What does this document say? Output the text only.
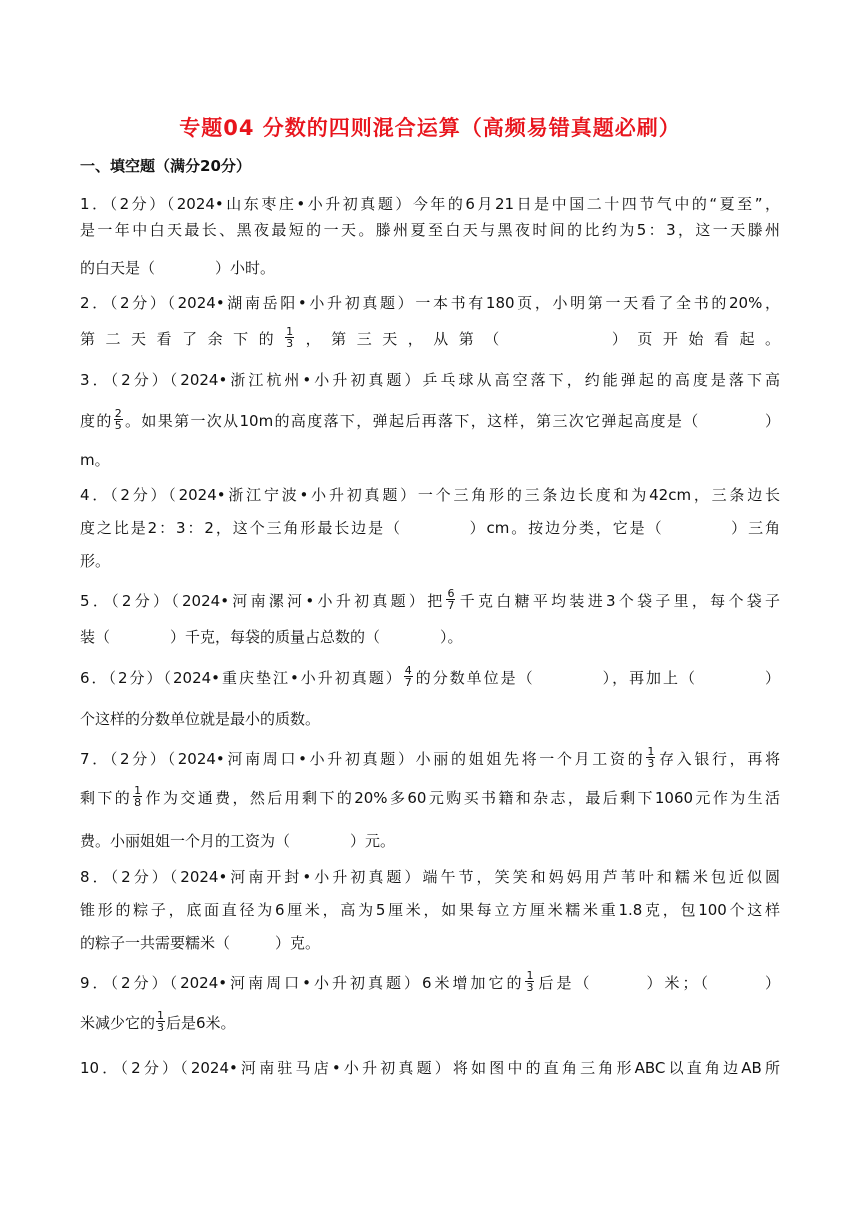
专题04 分数的四则混合运算（高频易错真题必刷）
一、填空题（满分20分）
1．（2分）（2024•山东枣庄•小升初真题）今年的6月21日是中国二十四节气中的“夏至”，
是一年中白天最长、黑夜最短的一天。滕州夏至白天与黑夜时间的比约为5：3，这一天滕州
的白天是（　　　　）小时。
2．（2分）（2024•湖南岳阳•小升初真题）一本书有180页，小明第一天看了全书的20%，
第二天看了余下的 $\frac{1}{3}$ ，第三天，从第（　　　　）页开始看起。
3．（2分）（2024•浙江杭州•小升初真题）乒乓球从高空落下，约能弹起的高度是落下高
度的 $\frac{2}{5}$ 。如果第一次从10m的高度落下，弹起后再落下，这样，第三次它弹起高度是（　　　　）
m。
4．（2分）（2024•浙江宁波•小升初真题）一个三角形的三条边长度和为42cm，三条边长
度之比是2：3：2，这个三角形最长边是（　　　　）cm。按边分类，它是（　　　　）三角
形。
5．（2分）（2024•河南漯河•小升初真题）把 $\frac{6}{7}$ 千克白糖平均装进3个袋子里，每个袋子
装（　　　　）千克，每袋的质量占总数的（　　　　）。
6．（2分）（2024•重庆垫江•小升初真题） $\frac{4}{7}$ 的分数单位是（　　　　），再加上（　　　　）
个这样的分数单位就是最小的质数。
7．（2分）（2024•河南周口•小升初真题）小丽的姐姐先将一个月工资的 $\frac{1}{3}$ 存入银行，再将
剩下的 $\frac{1}{8}$ 作为交通费，然后用剩下的20%多60元购买书籍和杂志，最后剩下1060元作为生活
费。小丽姐姐一个月的工资为（　　　　）元。
8．（2分）（2024•河南开封•小升初真题）端午节，笑笑和妈妈用芦苇叶和糯米包近似圆
锥形的粽子，底面直径为6厘米，高为5厘米，如果每立方厘米糯米重1.8克，包100个这样
的粽子一共需要糯米（　　　）克。
9．（2分）（2024•河南周口•小升初真题）6米增加它的 $\frac{1}{3}$ 后是（　　　）米；（　　　）
米减少它的 $\frac{1}{3}$ 后是6米。
10．（2分）（2024•河南驻马店•小升初真题）将如图中的直角三角形ABC以直角边AB所
